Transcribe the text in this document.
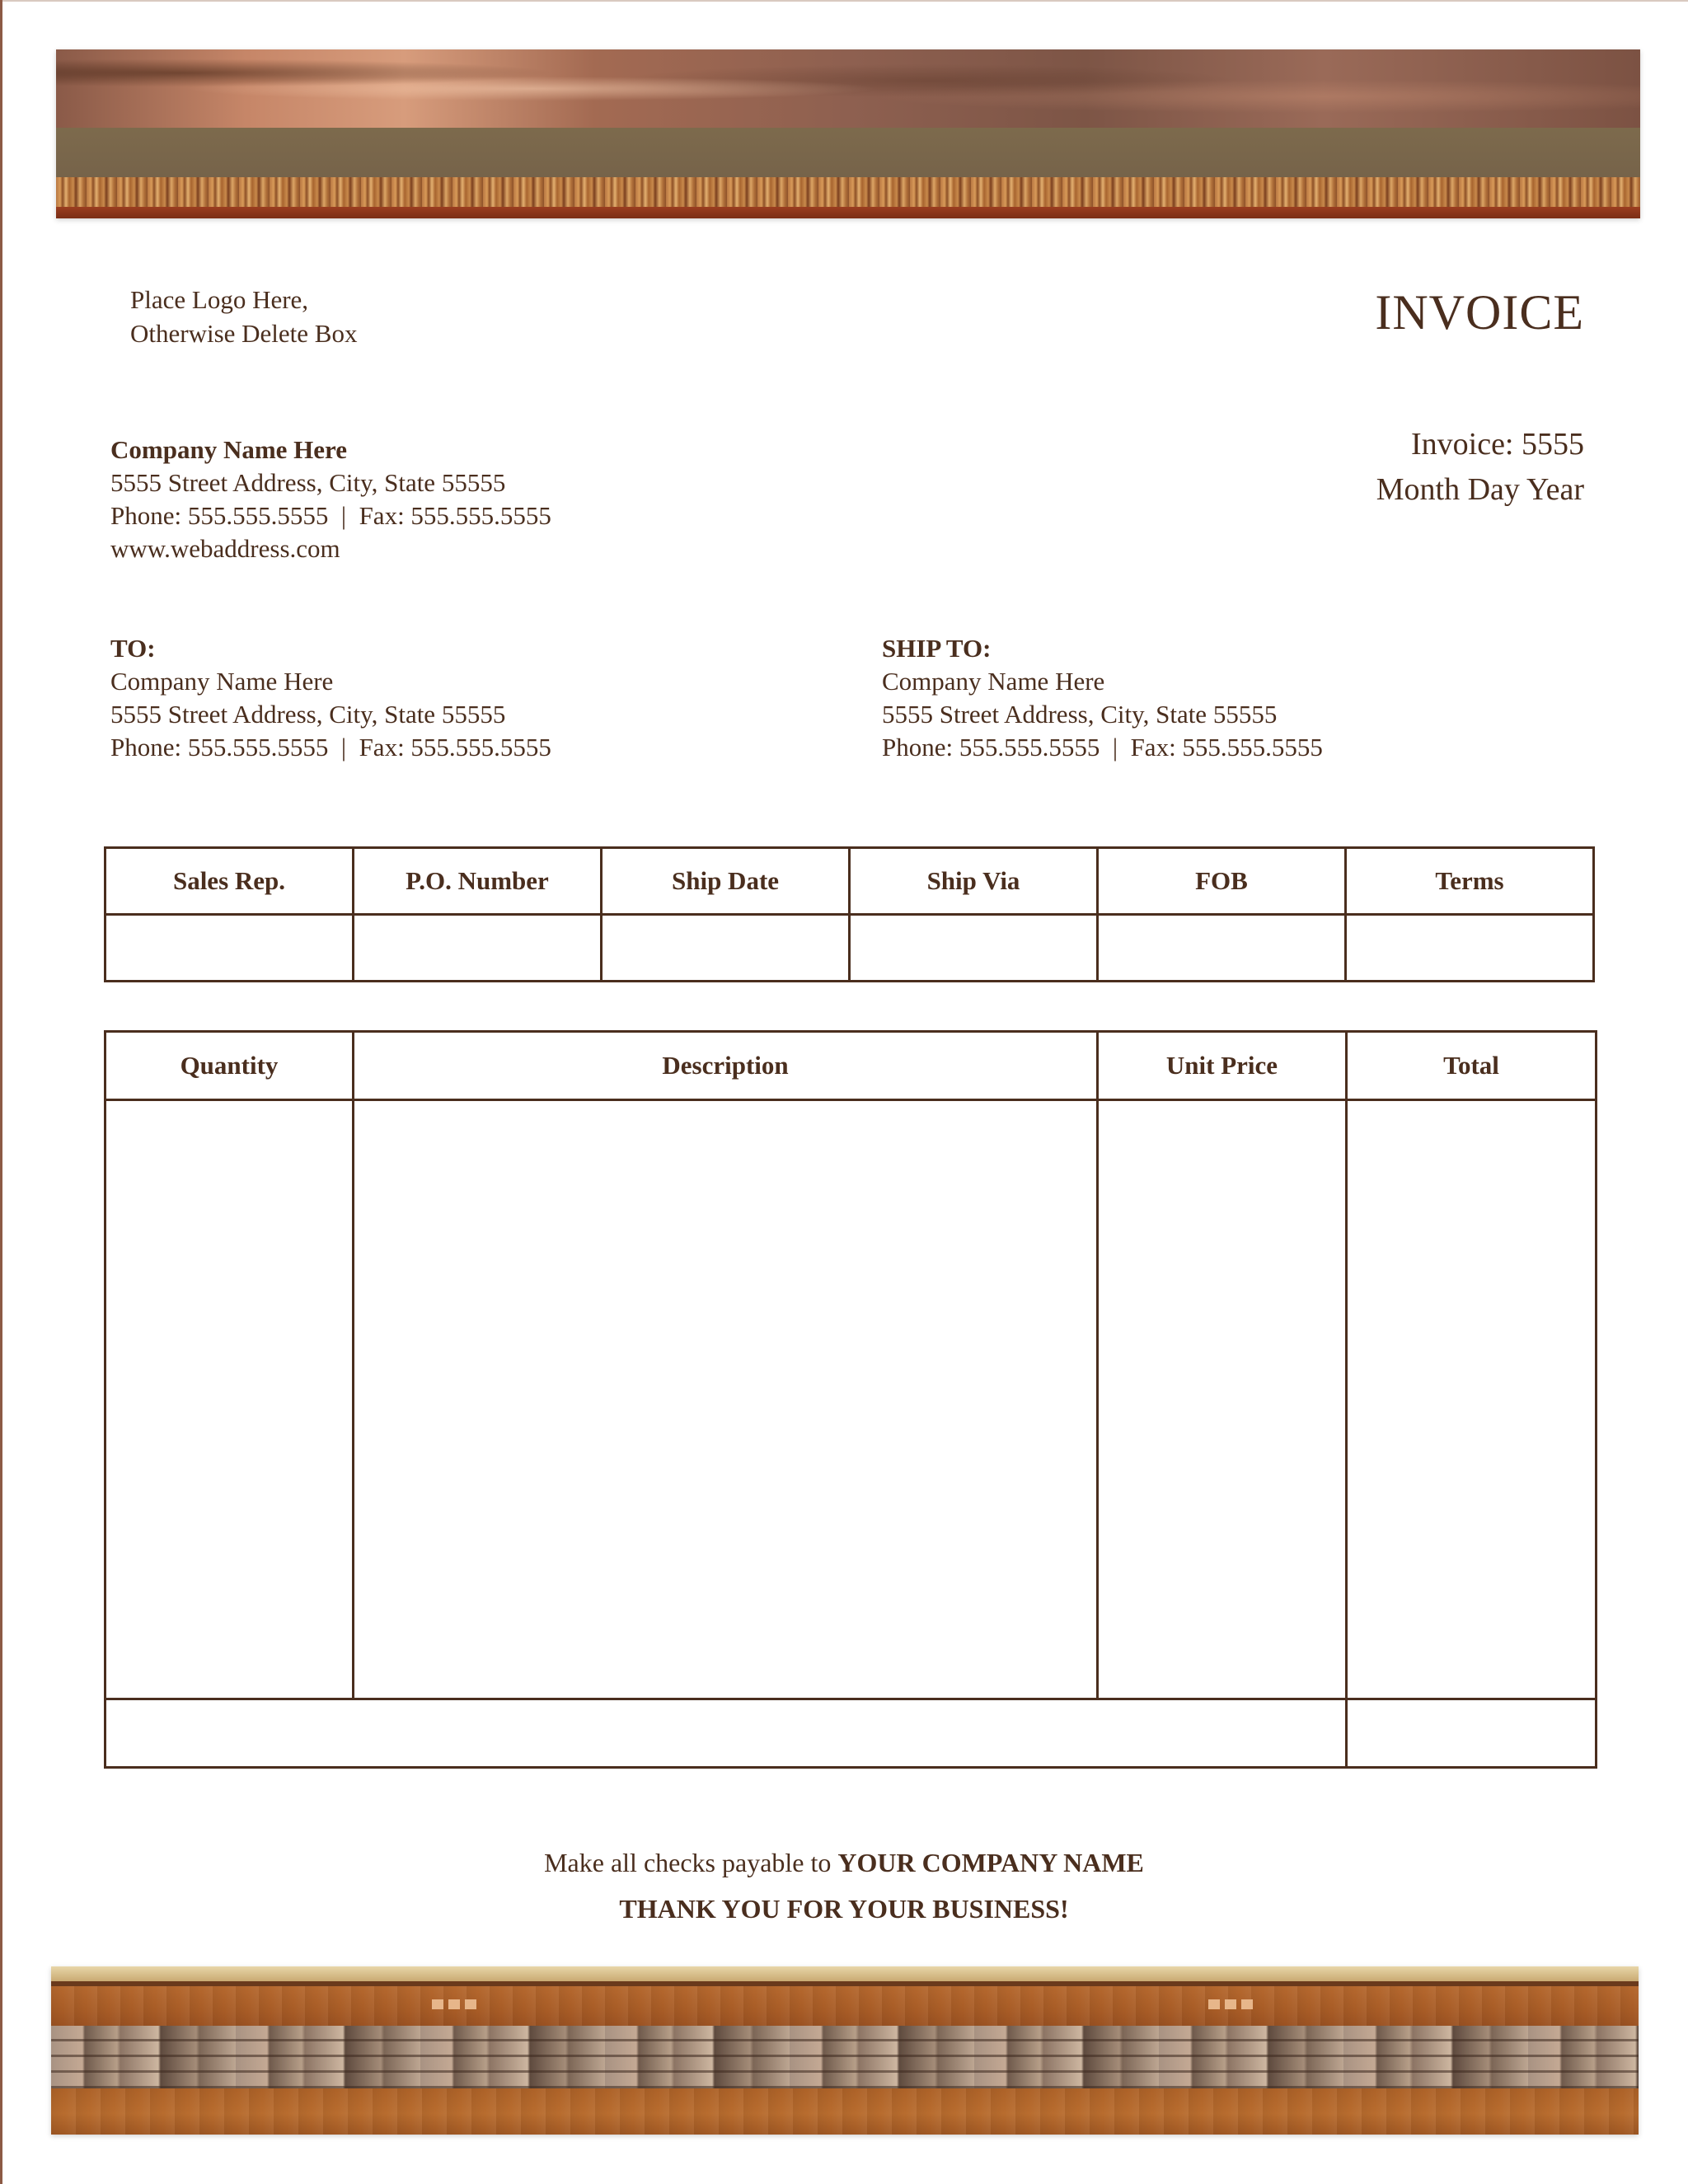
Place Logo Here,
Otherwise Delete Box	INVOICE
Company Name Here
5555 Street Address, City, State 55555
Phone: 555.555.5555  |  Fax: 555.555.5555
www.webaddress.com
Invoice: 5555
Month Day Year
TO:
Company Name Here
5555 Street Address, City, State 55555
Phone: 555.555.5555  |  Fax: 555.555.5555
SHIP TO:
Company Name Here
5555 Street Address, City, State 55555
Phone: 555.555.5555  |  Fax: 555.555.5555
Sales Rep.	P.O. Number	Ship Date	Ship Via	FOB	Terms

Quantity	Description	Unit Price	Total

Make all checks payable to YOUR COMPANY NAME
THANK YOU FOR YOUR BUSINESS!
